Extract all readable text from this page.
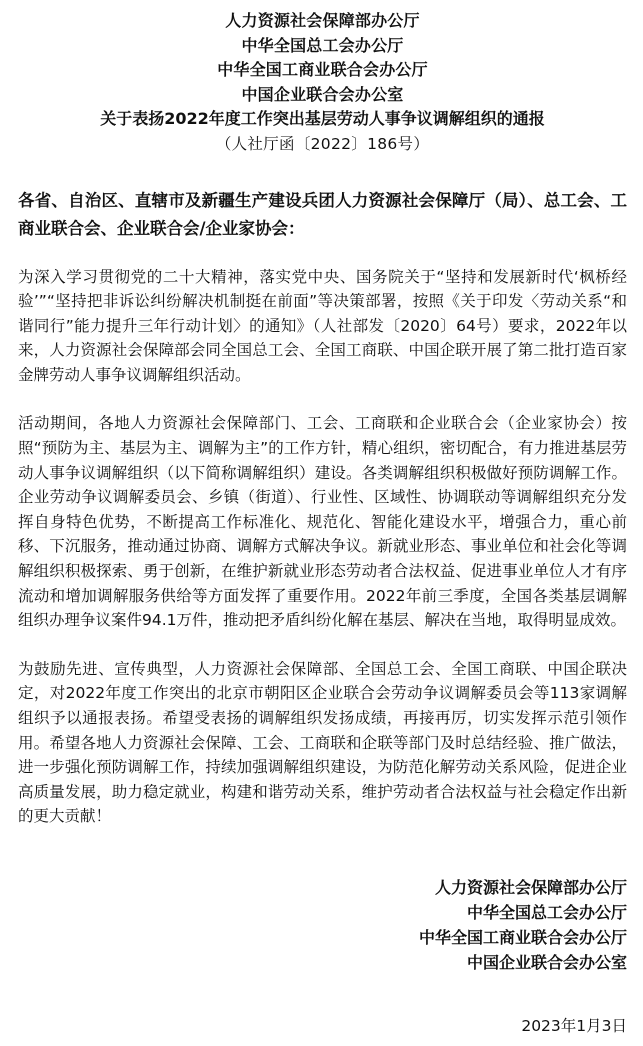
人力资源社会保障部办公厅
中华全国总工会办公厅
中华全国工商业联合会办公厅
中国企业联合会办公室
关于表扬2022年度工作突出基层劳动人事争议调解组织的通报
（人社厅函〔2022〕186号）
各省、自治区、直辖市及新疆生产建设兵团人力资源社会保障厅（局）、总工会、工商业联合会、企业联合会/企业家协会：

为深入学习贯彻党的二十大精神，落实党中央、国务院关于“坚持和发展新时代‘枫桥经验’”“坚持把非诉讼纠纷解决机制挺在前面”等决策部署，按照《关于印发〈劳动关系“和谐同行”能力提升三年行动计划〉的通知》（人社部发〔2020〕64号）要求，2022年以来，人力资源社会保障部会同全国总工会、全国工商联、中国企联开展了第二批打造百家金牌劳动人事争议调解组织活动。

活动期间，各地人力资源社会保障部门、工会、工商联和企业联合会（企业家协会）按照“预防为主、基层为主、调解为主”的工作方针，精心组织，密切配合，有力推进基层劳动人事争议调解组织（以下简称调解组织）建设。各类调解组织积极做好预防调解工作。企业劳动争议调解委员会、乡镇（街道）、行业性、区域性、协调联动等调解组织充分发挥自身特色优势，不断提高工作标准化、规范化、智能化建设水平，增强合力，重心前移、下沉服务，推动通过协商、调解方式解决争议。新就业形态、事业单位和社会化等调解组织积极探索、勇于创新，在维护新就业形态劳动者合法权益、促进事业单位人才有序流动和增加调解服务供给等方面发挥了重要作用。2022年前三季度，全国各类基层调解组织办理争议案件94.1万件，推动把矛盾纠纷化解在基层、解决在当地，取得明显成效。

为鼓励先进、宣传典型，人力资源社会保障部、全国总工会、全国工商联、中国企联决定，对2022年度工作突出的北京市朝阳区企业联合会劳动争议调解委员会等113家调解组织予以通报表扬。希望受表扬的调解组织发扬成绩，再接再厉，切实发挥示范引领作用。希望各地人力资源社会保障、工会、工商联和企联等部门及时总结经验、推广做法，进一步强化预防调解工作，持续加强调解组织建设，为防范化解劳动关系风险，促进企业高质量发展，助力稳定就业，构建和谐劳动关系，维护劳动者合法权益与社会稳定作出新的更大贡献！

人力资源社会保障部办公厅
中华全国总工会办公厅
中华全国工商业联合会办公厅
中国企业联合会办公室
2023年1月3日
